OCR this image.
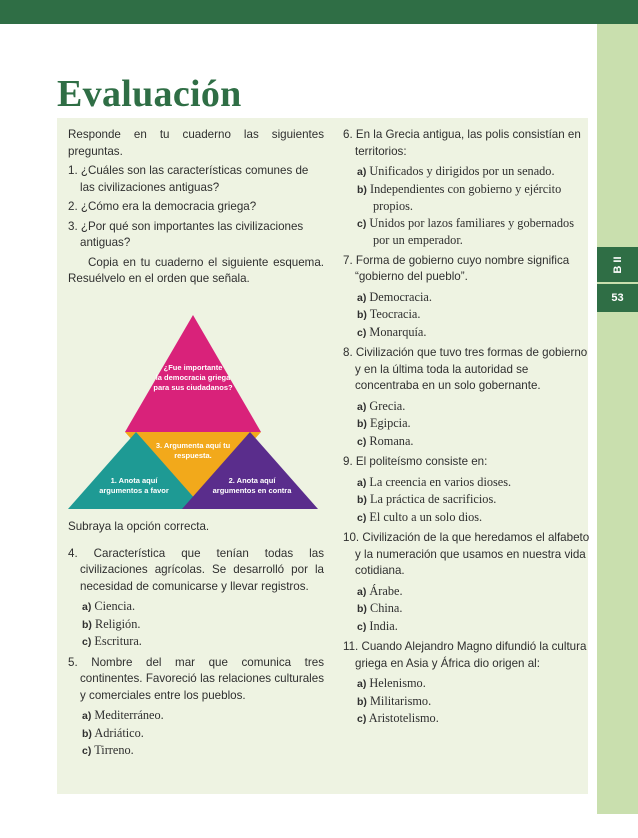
B II
53
Evaluación

Responde en tu cuaderno las siguientes preguntas.

1. ¿Cuáles son las características comunes de las civilizaciones antiguas?

2. ¿Cómo era la democracia griega?

3. ¿Por qué son importantes las civilizaciones antiguas?

Copia en tu cuaderno el siguiente esquema. Resuélvelo en el orden que señala.

¿Fue importante
la democracia griega
para sus ciudadanos?
3. Argumenta aquí tu
respuesta.
1. Anota aquí
argumentos a favor
2. Anota aquí
argumentos en contra

Subraya la opción correcta.

4. Característica que tenían todas las civilizaciones agrícolas. Se desarrolló por la necesidad de comunicarse y llevar registros.

a) Ciencia.
b) Religión.
c) Escritura.

5. Nombre del mar que comunica tres continentes. Favoreció las relaciones culturales y comerciales entre los pueblos.

a) Mediterráneo.
b) Adriático.
c) Tirreno.

6. En la Grecia antigua, las polis consistían en territorios:

a) Unificados y dirigidos por un senado.
b) Independientes con gobierno y ejército propios.
c) Unidos por lazos familiares y gobernados por un emperador.

7. Forma de gobierno cuyo nombre significa “gobierno del pueblo”.

a) Democracia.
b) Teocracia.
c) Monarquía.

8. Civilización que tuvo tres formas de gobierno y en la última toda la autoridad se concentraba en un solo gobernante.

a) Grecia.
b) Egipcia.
c) Romana.

9. El politeísmo consiste en:

a) La creencia en varios dioses.
b) La práctica de sacrificios.
c) El culto a un solo dios.

10. Civilización de la que heredamos el alfabeto y la numeración que usamos en nuestra vida cotidiana.

a) Árabe.
b) China.
c) India.

11. Cuando Alejandro Magno difundió la cultura griega en Asia y África dio origen al:

a) Helenismo.
b) Militarismo.
c) Aristotelismo.
